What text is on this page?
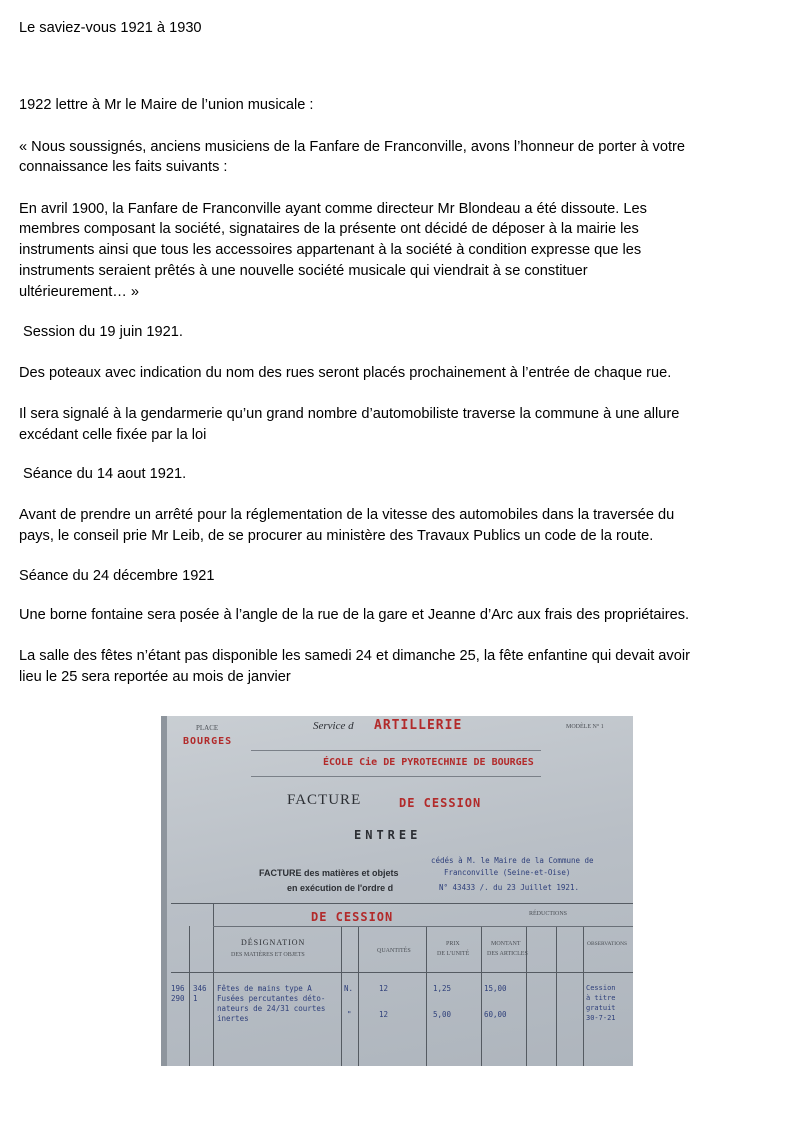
Le saviez-vous 1921 à 1930
1922 lettre à Mr le Maire de l’union musicale :
« Nous soussignés, anciens musiciens de la Fanfare de Franconville, avons l’honneur de porter à votre
connaissance les faits suivants :
En avril 1900, la Fanfare de Franconville ayant comme directeur Mr Blondeau a été dissoute. Les
membres composant la société, signataires de la présente ont décidé de déposer à la mairie les
instruments ainsi que tous les accessoires appartenant à la société à condition expresse que les
instruments seraient prêtés à une nouvelle société musicale qui viendrait à se constituer
ultérieurement… »
Session du 19 juin 1921.
Des poteaux avec indication du nom des rues seront placés prochainement à l’entrée de chaque rue.
Il sera signalé à la gendarmerie qu’un grand nombre d’automobiliste traverse la commune à une allure
excédant celle fixée par la loi
Séance du 14 aout 1921.
Avant de prendre un arrêté pour la réglementation de la vitesse des automobiles dans la traversée du
pays, le conseil prie Mr Leib, de se procurer au ministère des Travaux Publics un code de la route.
Séance du 24 décembre 1921
Une borne fontaine sera posée à l’angle de la rue de la gare et Jeanne d’Arc aux frais des propriétaires.
La salle des fêtes n’étant pas disponible les samedi 24 et dimanche 25, la fête enfantine qui devait avoir
lieu le 25 sera reportée au mois de janvier
Service d ARTILLERIE
PLACE
BOURGES
ÉCOLE Cie DE PYROTECHNIE DE BOURGES
MODÈLE N° 1
FACTURE	DE CESSION
ENTREE
FACTURE des matières et objets
en exécution de l'ordre d
cédés à M. le Maire de la Commune de
Franconville (Seine-et-Oise)
N° 43433 /. du 23 Juillet 1921.
DE CESSION
DÉSIGNATION
DES MATIÈRES ET OBJETS
QUANTITÉS
PRIX
DE L'UNITÉ
MONTANT
DES ARTICLES
RÉDUCTIONS
OBSERVATIONS
196 346
290 1
Fêtes de mains type A
Fusées percutantes déto-
nateurs de 24/31 courtes
inertes
N.
"
12
12
1,25
5,00
15,00
60,00
Cession
à titre
gratuit
30-7-21
